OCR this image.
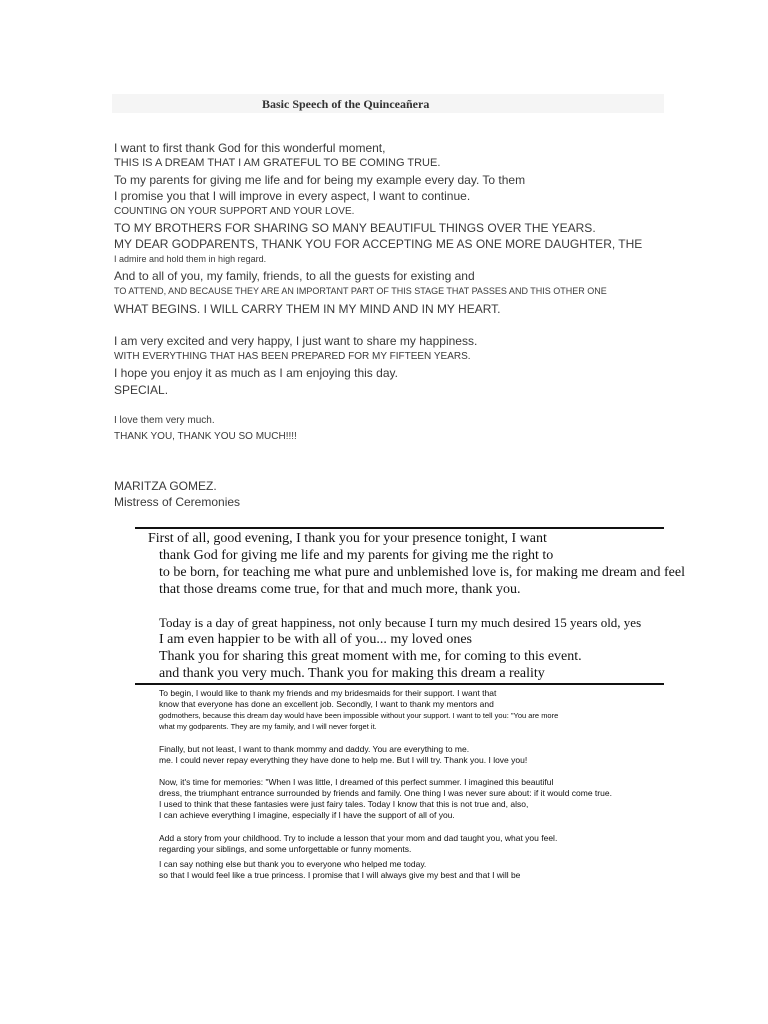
Basic Speech of the Quinceañera
I want to first thank God for this wonderful moment,
THIS IS A DREAM THAT I AM GRATEFUL TO BE COMING TRUE.
To my parents for giving me life and for being my example every day. To them
I promise you that I will improve in every aspect, I want to continue.
COUNTING ON YOUR SUPPORT AND YOUR LOVE.
TO MY BROTHERS FOR SHARING SO MANY BEAUTIFUL THINGS OVER THE YEARS.
MY DEAR GODPARENTS, THANK YOU FOR ACCEPTING ME AS ONE MORE DAUGHTER, THE
I admire and hold them in high regard.
And to all of you, my family, friends, to all the guests for existing and
TO ATTEND, AND BECAUSE THEY ARE AN IMPORTANT PART OF THIS STAGE THAT PASSES AND THIS OTHER ONE
WHAT BEGINS. I WILL CARRY THEM IN MY MIND AND IN MY HEART.
I am very excited and very happy, I just want to share my happiness.
WITH EVERYTHING THAT HAS BEEN PREPARED FOR MY FIFTEEN YEARS.
I hope you enjoy it as much as I am enjoying this day.
SPECIAL.
I love them very much.
THANK YOU, THANK YOU SO MUCH!!!!
MARITZA GOMEZ.
Mistress of Ceremonies
First of all, good evening, I thank you for your presence tonight, I want
thank God for giving me life and my parents for giving me the right to
to be born, for teaching me what pure and unblemished love is, for making me dream and feel
that those dreams come true, for that and much more, thank you.
Today is a day of great happiness, not only because I turn my much desired 15 years old, yes
I am even happier to be with all of you... my loved ones
Thank you for sharing this great moment with me, for coming to this event.
and thank you very much. Thank you for making this dream a reality
To begin, I would like to thank my friends and my bridesmaids for their support. I want that
know that everyone has done an excellent job. Secondly, I want to thank my mentors and
godmothers, because this dream day would have been impossible without your support. I want to tell you: "You are more
what my godparents. They are my family, and I will never forget it.
Finally, but not least, I want to thank mommy and daddy. You are everything to me.
me. I could never repay everything they have done to help me. But I will try. Thank you. I love you!
Now, it's time for memories: "When I was little, I dreamed of this perfect summer. I imagined this beautiful
dress, the triumphant entrance surrounded by friends and family. One thing I was never sure about: if it would come true.
I used to think that these fantasies were just fairy tales. Today I know that this is not true and, also,
I can achieve everything I imagine, especially if I have the support of all of you.
Add a story from your childhood. Try to include a lesson that your mom and dad taught you, what you feel.
regarding your siblings, and some unforgettable or funny moments.
I can say nothing else but thank you to everyone who helped me today.
so that I would feel like a true princess. I promise that I will always give my best and that I will be
